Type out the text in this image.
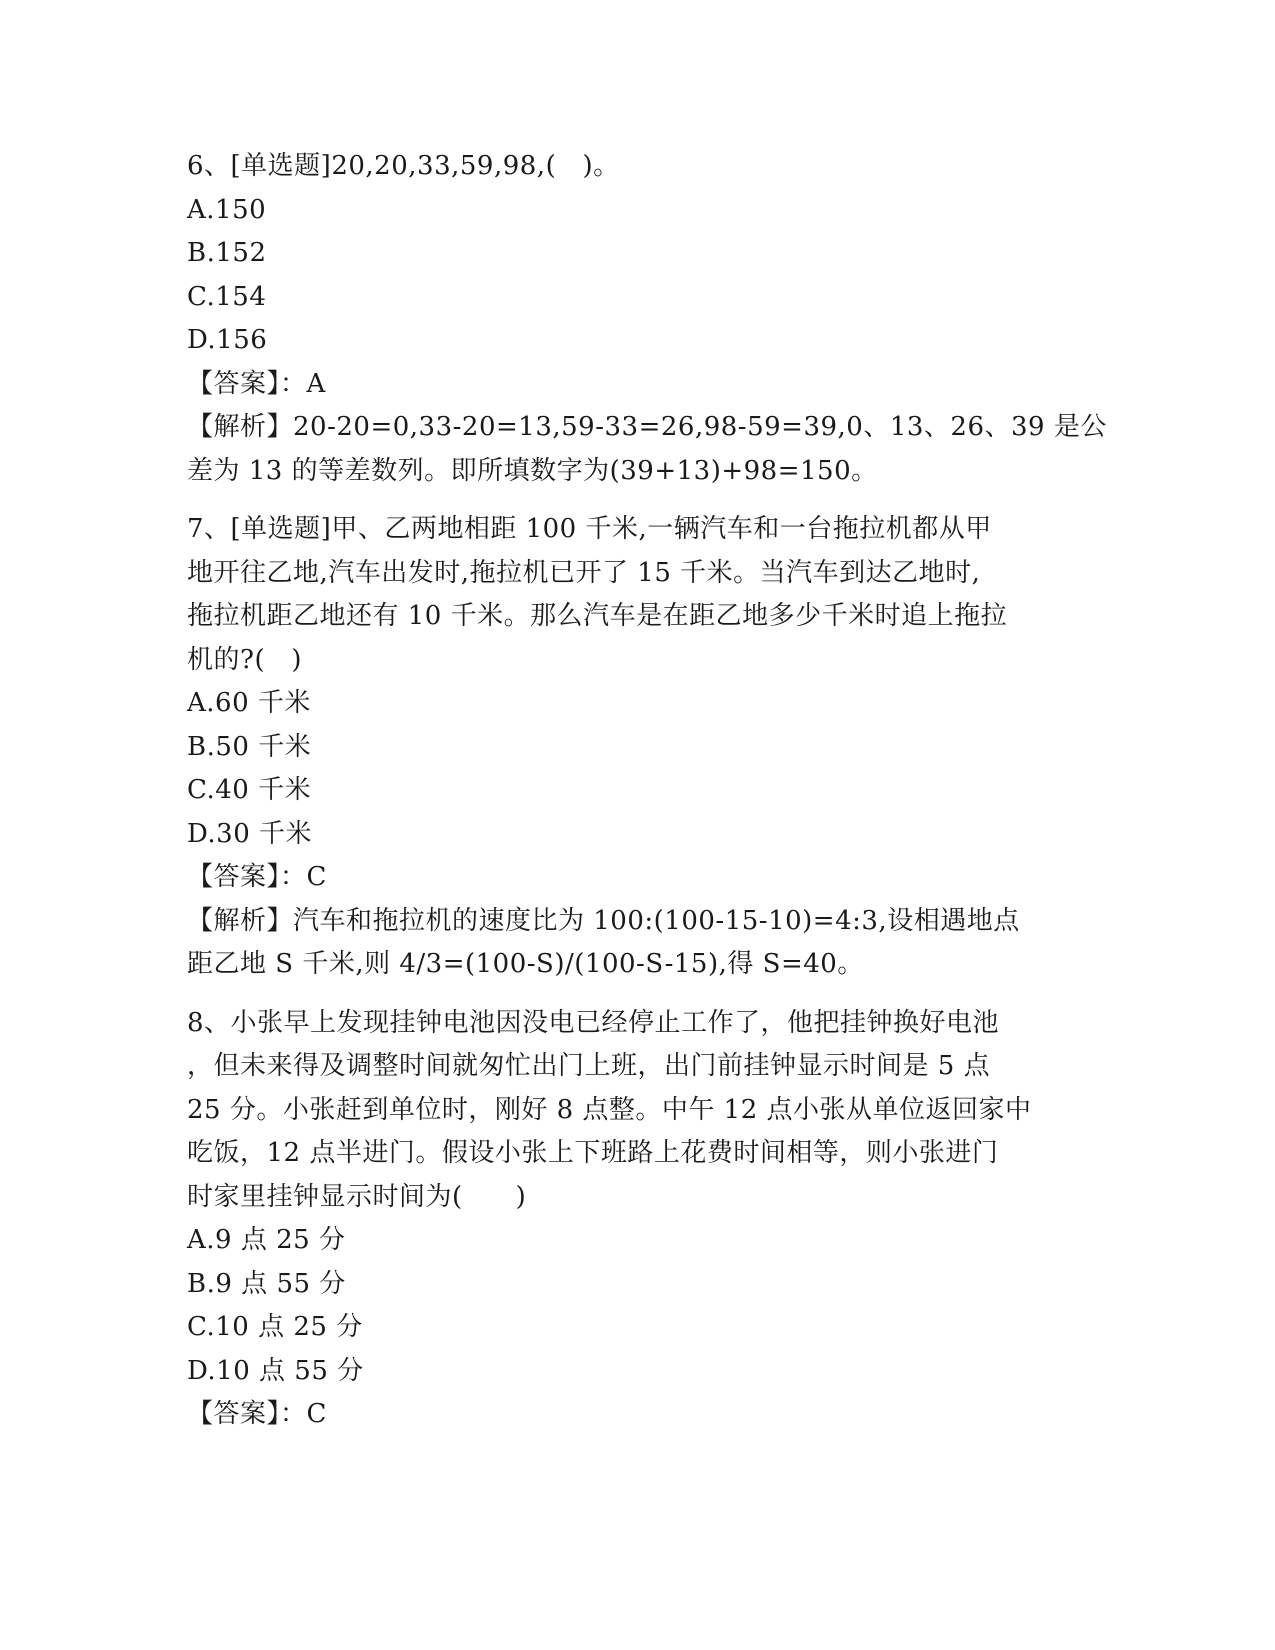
6、[单选题]20,20,33,59,98,(   )。
A.150
B.152
C.154
D.156
【答案】：A
【解析】20-20=0,33-20=13,59-33=26,98-59=39,0、13、26、39 是公
差为 13 的等差数列。即所填数字为(39+13)+98=150。
7、[单选题]甲、乙两地相距 100 千米,一辆汽车和一台拖拉机都从甲
地开往乙地,汽车出发时,拖拉机已开了 15 千米。当汽车到达乙地时,
拖拉机距乙地还有 10 千米。那么汽车是在距乙地多少千米时追上拖拉
机的?(   )
A.60 千米
B.50 千米
C.40 千米
D.30 千米
【答案】：C
【解析】汽车和拖拉机的速度比为 100:(100-15-10)=4:3,设相遇地点
距乙地 S 千米,则 4/3=(100-S)/(100-S-15),得 S=40。
8、小张早上发现挂钟电池因没电已经停止工作了，他把挂钟换好电池
，但未来得及调整时间就匆忙出门上班，出门前挂钟显示时间是 5 点
25 分。小张赶到单位时，刚好 8 点整。中午 12 点小张从单位返回家中
吃饭，12 点半进门。假设小张上下班路上花费时间相等，则小张进门
时家里挂钟显示时间为(　　)
A.9 点 25 分
B.9 点 55 分
C.10 点 25 分
D.10 点 55 分
【答案】：C
